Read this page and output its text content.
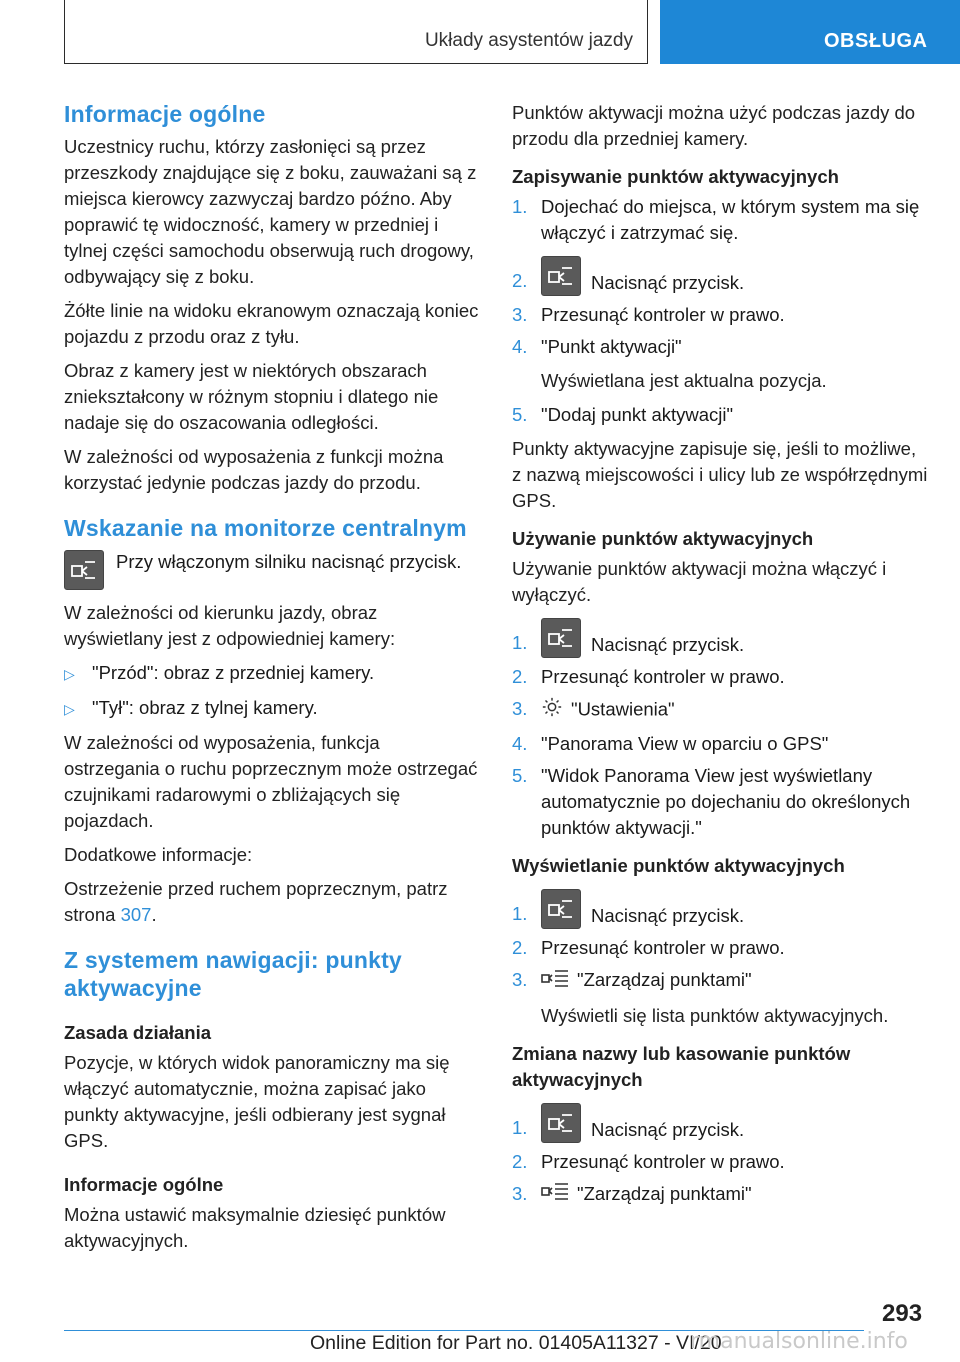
Układy asystentów jazdy	OBSŁUGA
Informacje ogólne

Uczestnicy ruchu, którzy zasłonięci są przez przeszkody znajdujące się z boku, zauważani są z miejsca kierowcy zazwyczaj bardzo późno. Aby poprawić tę widoczność, kamery w przedniej i tylnej części samochodu obserwują ruch drogowy, odbywający się z boku.

Żółte linie na widoku ekranowym oznaczają koniec pojazdu z przodu oraz z tyłu.

Obraz z kamery jest w niektórych obszarach zniekształcony w różnym stopniu i dlatego nie nadaje się do oszacowania odległości.

W zależności od wyposażenia z funkcji można korzystać jedynie podczas jazdy do przodu.

Wskazanie na monitorze centralnym
Przy włączonym silniku nacisnąć przycisk.

W zależności od kierunku jazdy, obraz wyświetlany jest z odpowiedniej kamery:

▷ "Przód": obraz z przedniej kamery.
▷ "Tył": obraz z tylnej kamery.

W zależności od wyposażenia, funkcja ostrzegania o ruchu poprzecznym może ostrzegać czujnikami radarowymi o zbliżających się pojazdach.

Dodatkowe informacje:

Ostrzeżenie przed ruchem poprzecznym, patrz strona 307.

Z systemem nawigacji: punkty aktywacyjne
Zasada działania

Pozycje, w których widok panoramiczny ma się włączyć automatycznie, można zapisać jako punkty aktywacyjne, jeśli odbierany jest sygnał GPS.

Informacje ogólne

Można ustawić maksymalnie dziesięć punktów aktywacyjnych.

Punktów aktywacji można użyć podczas jazdy do przodu dla przedniej kamery.

Zapisywanie punktów aktywacyjnych
1. Dojechać do miejsca, w którym system ma się włączyć i zatrzymać się.
2.	Nacisnąć przycisk.
3. Przesunąć kontroler w prawo.
4. "Punkt aktywacji"

Wyświetlana jest aktualna pozycja.

5. "Dodaj punkt aktywacji"

Punkty aktywacyjne zapisuje się, jeśli to możliwe, z nazwą miejscowości i ulicy lub ze współrzędnymi GPS.

Używanie punktów aktywacyjnych

Używanie punktów aktywacji można włączyć i wyłączyć.

1.	Nacisnąć przycisk.
2. Przesunąć kontroler w prawo.
3.	"Ustawienia"
4. "Panorama View w oparciu o GPS"
5. "Widok Panorama View jest wyświetlany automatycznie po dojechaniu do określonych punktów aktywacji."
Wyświetlanie punktów aktywacyjnych
1.	Nacisnąć przycisk.
2. Przesunąć kontroler w prawo.
3.	"Zarządzaj punktami"

Wyświetli się lista punktów aktywacyjnych.

Zmiana nazwy lub kasowanie punktów aktywacyjnych
1.	Nacisnąć przycisk.
2. Przesunąć kontroler w prawo.
3.	"Zarządzaj punktami"
293
Online Edition for Part no. 01405A11327 - VI/20
rmanualsonline.info
